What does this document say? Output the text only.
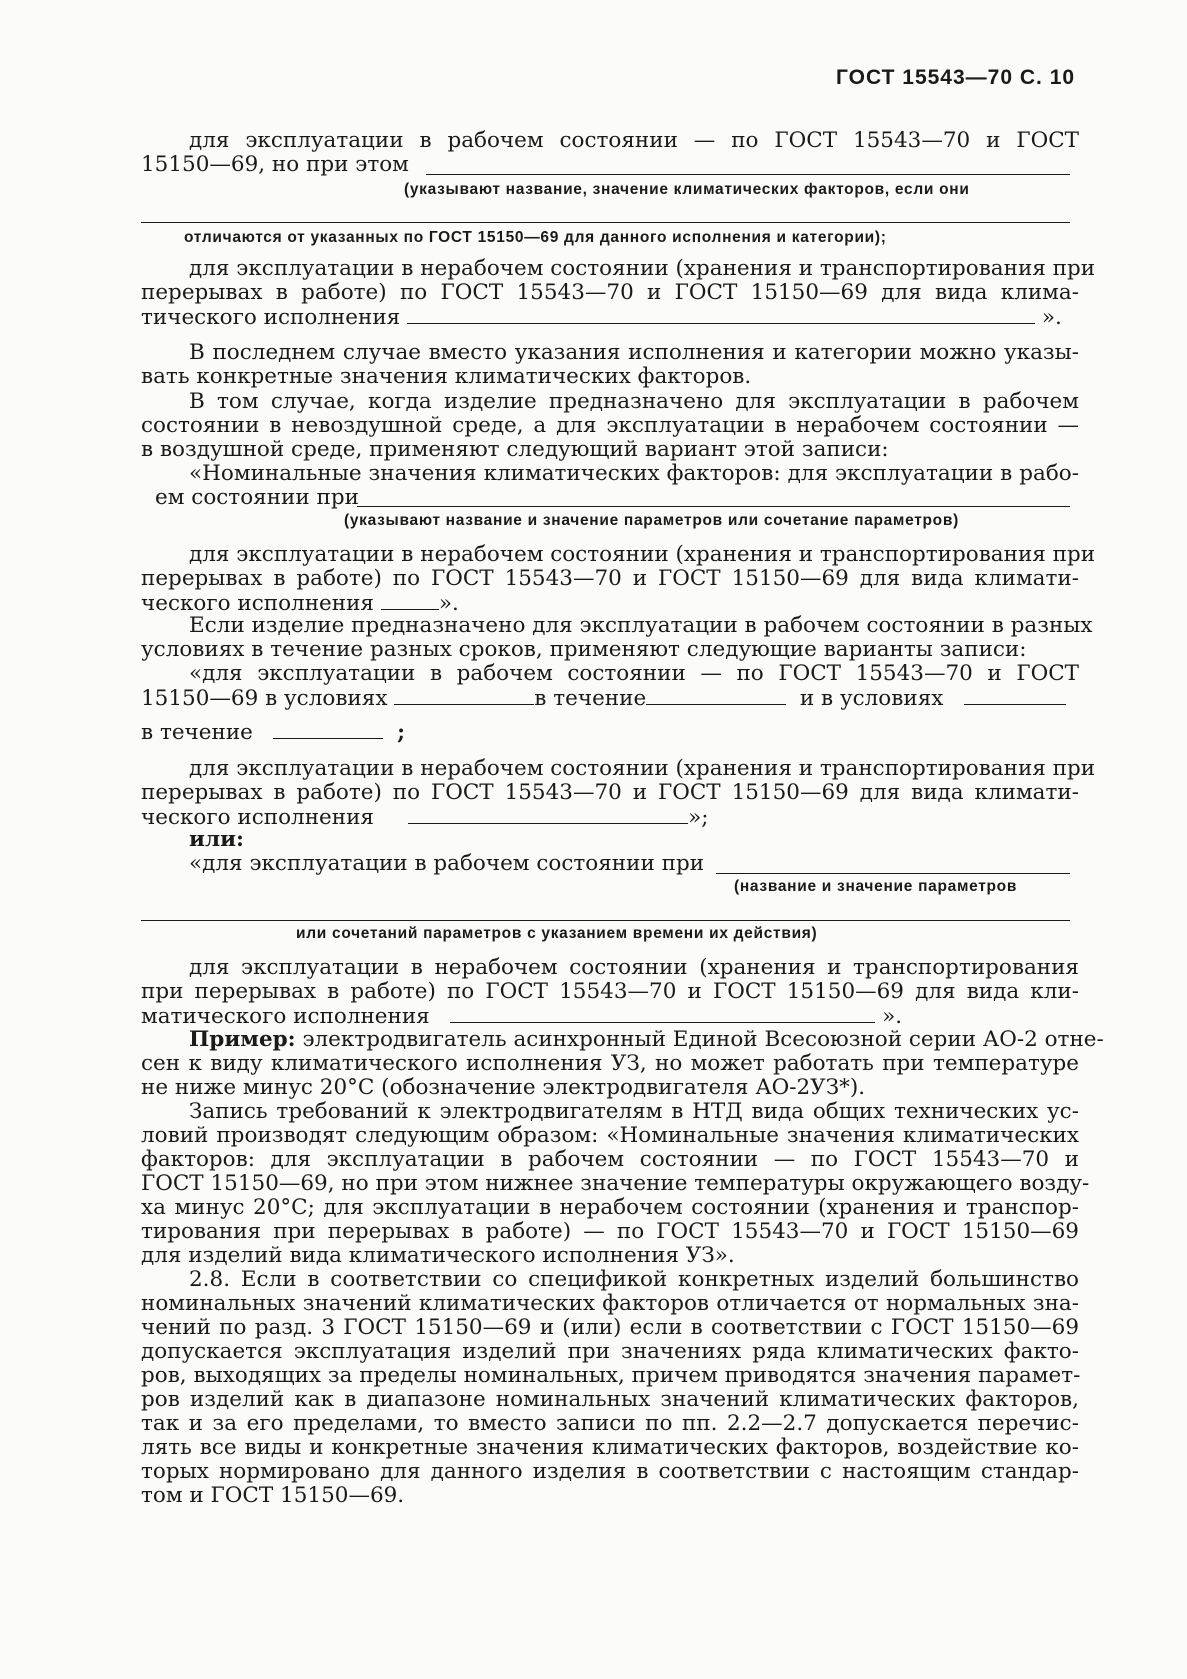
ГОСТ 15543—70 С. 10
для эксплуатации в рабочем состоянии — по ГОСТ 15543—70 и ГОСТ
15150—69, но при этом
(указывают название, значение климатических факторов, если они
отличаются от указанных по ГОСТ 15150—69 для данного исполнения и категории);
для эксплуатации в нерабочем состоянии (хранения и транспортирования при
перерывах в работе) по ГОСТ 15543—70 и ГОСТ 15150—69 для вида клима-
тического исполнения	».
В последнем случае вместо указания исполнения и категории можно указы-
вать конкретные значения климатических факторов.
В том случае, когда изделие предназначено для эксплуатации в рабочем
состоянии в невоздушной среде, а для эксплуатации в нерабочем состоянии —
в воздушной среде, применяют следующий вариант этой записи:
«Номинальные значения климатических факторов: для эксплуатации в рабо-
ем состоянии при
(указывают название и значение параметров или сочетание параметров)
для эксплуатации в нерабочем состоянии (хранения и транспортирования при
перерывах в работе) по ГОСТ 15543—70 и ГОСТ 15150—69 для вида климати-
ческого исполнения	».
Если изделие предназначено для эксплуатации в рабочем состоянии в разных
условиях в течение разных сроков, применяют следующие варианты записи:
«для эксплуатации в рабочем состоянии — по ГОСТ 15543—70 и ГОСТ
15150—69 в условиях	в течение	и в условиях
в течение	;
для эксплуатации в нерабочем состоянии (хранения и транспортирования при
перерывах в работе) по ГОСТ 15543—70 и ГОСТ 15150—69 для вида климати-
ческого исполнения	»;
или:
«для эксплуатации в рабочем состоянии при
(название и значение параметров
или сочетаний параметров с указанием времени их действия)
для эксплуатации в нерабочем состоянии (хранения и транспортирования
при перерывах в работе) по ГОСТ 15543—70 и ГОСТ 15150—69 для вида кли-
матического исполнения	».
Пример: электродвигатель асинхронный Единой Всесоюзной серии АО-2 отне-
сен к виду климатического исполнения УЗ, но может работать при температуре
не ниже минус 20°С (обозначение электродвигателя АО-2УЗ*).
Запись требований к электродвигателям в НТД вида общих технических ус-
ловий производят следующим образом: «Номинальные значения климатических
факторов: для эксплуатации в рабочем состоянии — по ГОСТ 15543—70 и
ГОСТ 15150—69, но при этом нижнее значение температуры окружающего возду-
ха минус 20°С; для эксплуатации в нерабочем состоянии (хранения и транспор-
тирования при перерывах в работе) — по ГОСТ 15543—70 и ГОСТ 15150—69
для изделий вида климатического исполнения УЗ».
2.8. Если в соответствии со спецификой конкретных изделий большинство
номинальных значений климатических факторов отличается от нормальных зна-
чений по разд. 3 ГОСТ 15150—69 и (или) если в соответствии с ГОСТ 15150—69
допускается эксплуатация изделий при значениях ряда климатических факто-
ров, выходящих за пределы номинальных, причем приводятся значения парамет-
ров изделий как в диапазоне номинальных значений климатических факторов,
так и за его пределами, то вместо записи по пп. 2.2—2.7 допускается перечис-
лять все виды и конкретные значения климатических факторов, воздействие ко-
торых нормировано для данного изделия в соответствии с настоящим стандар-
том и ГОСТ 15150—69.
